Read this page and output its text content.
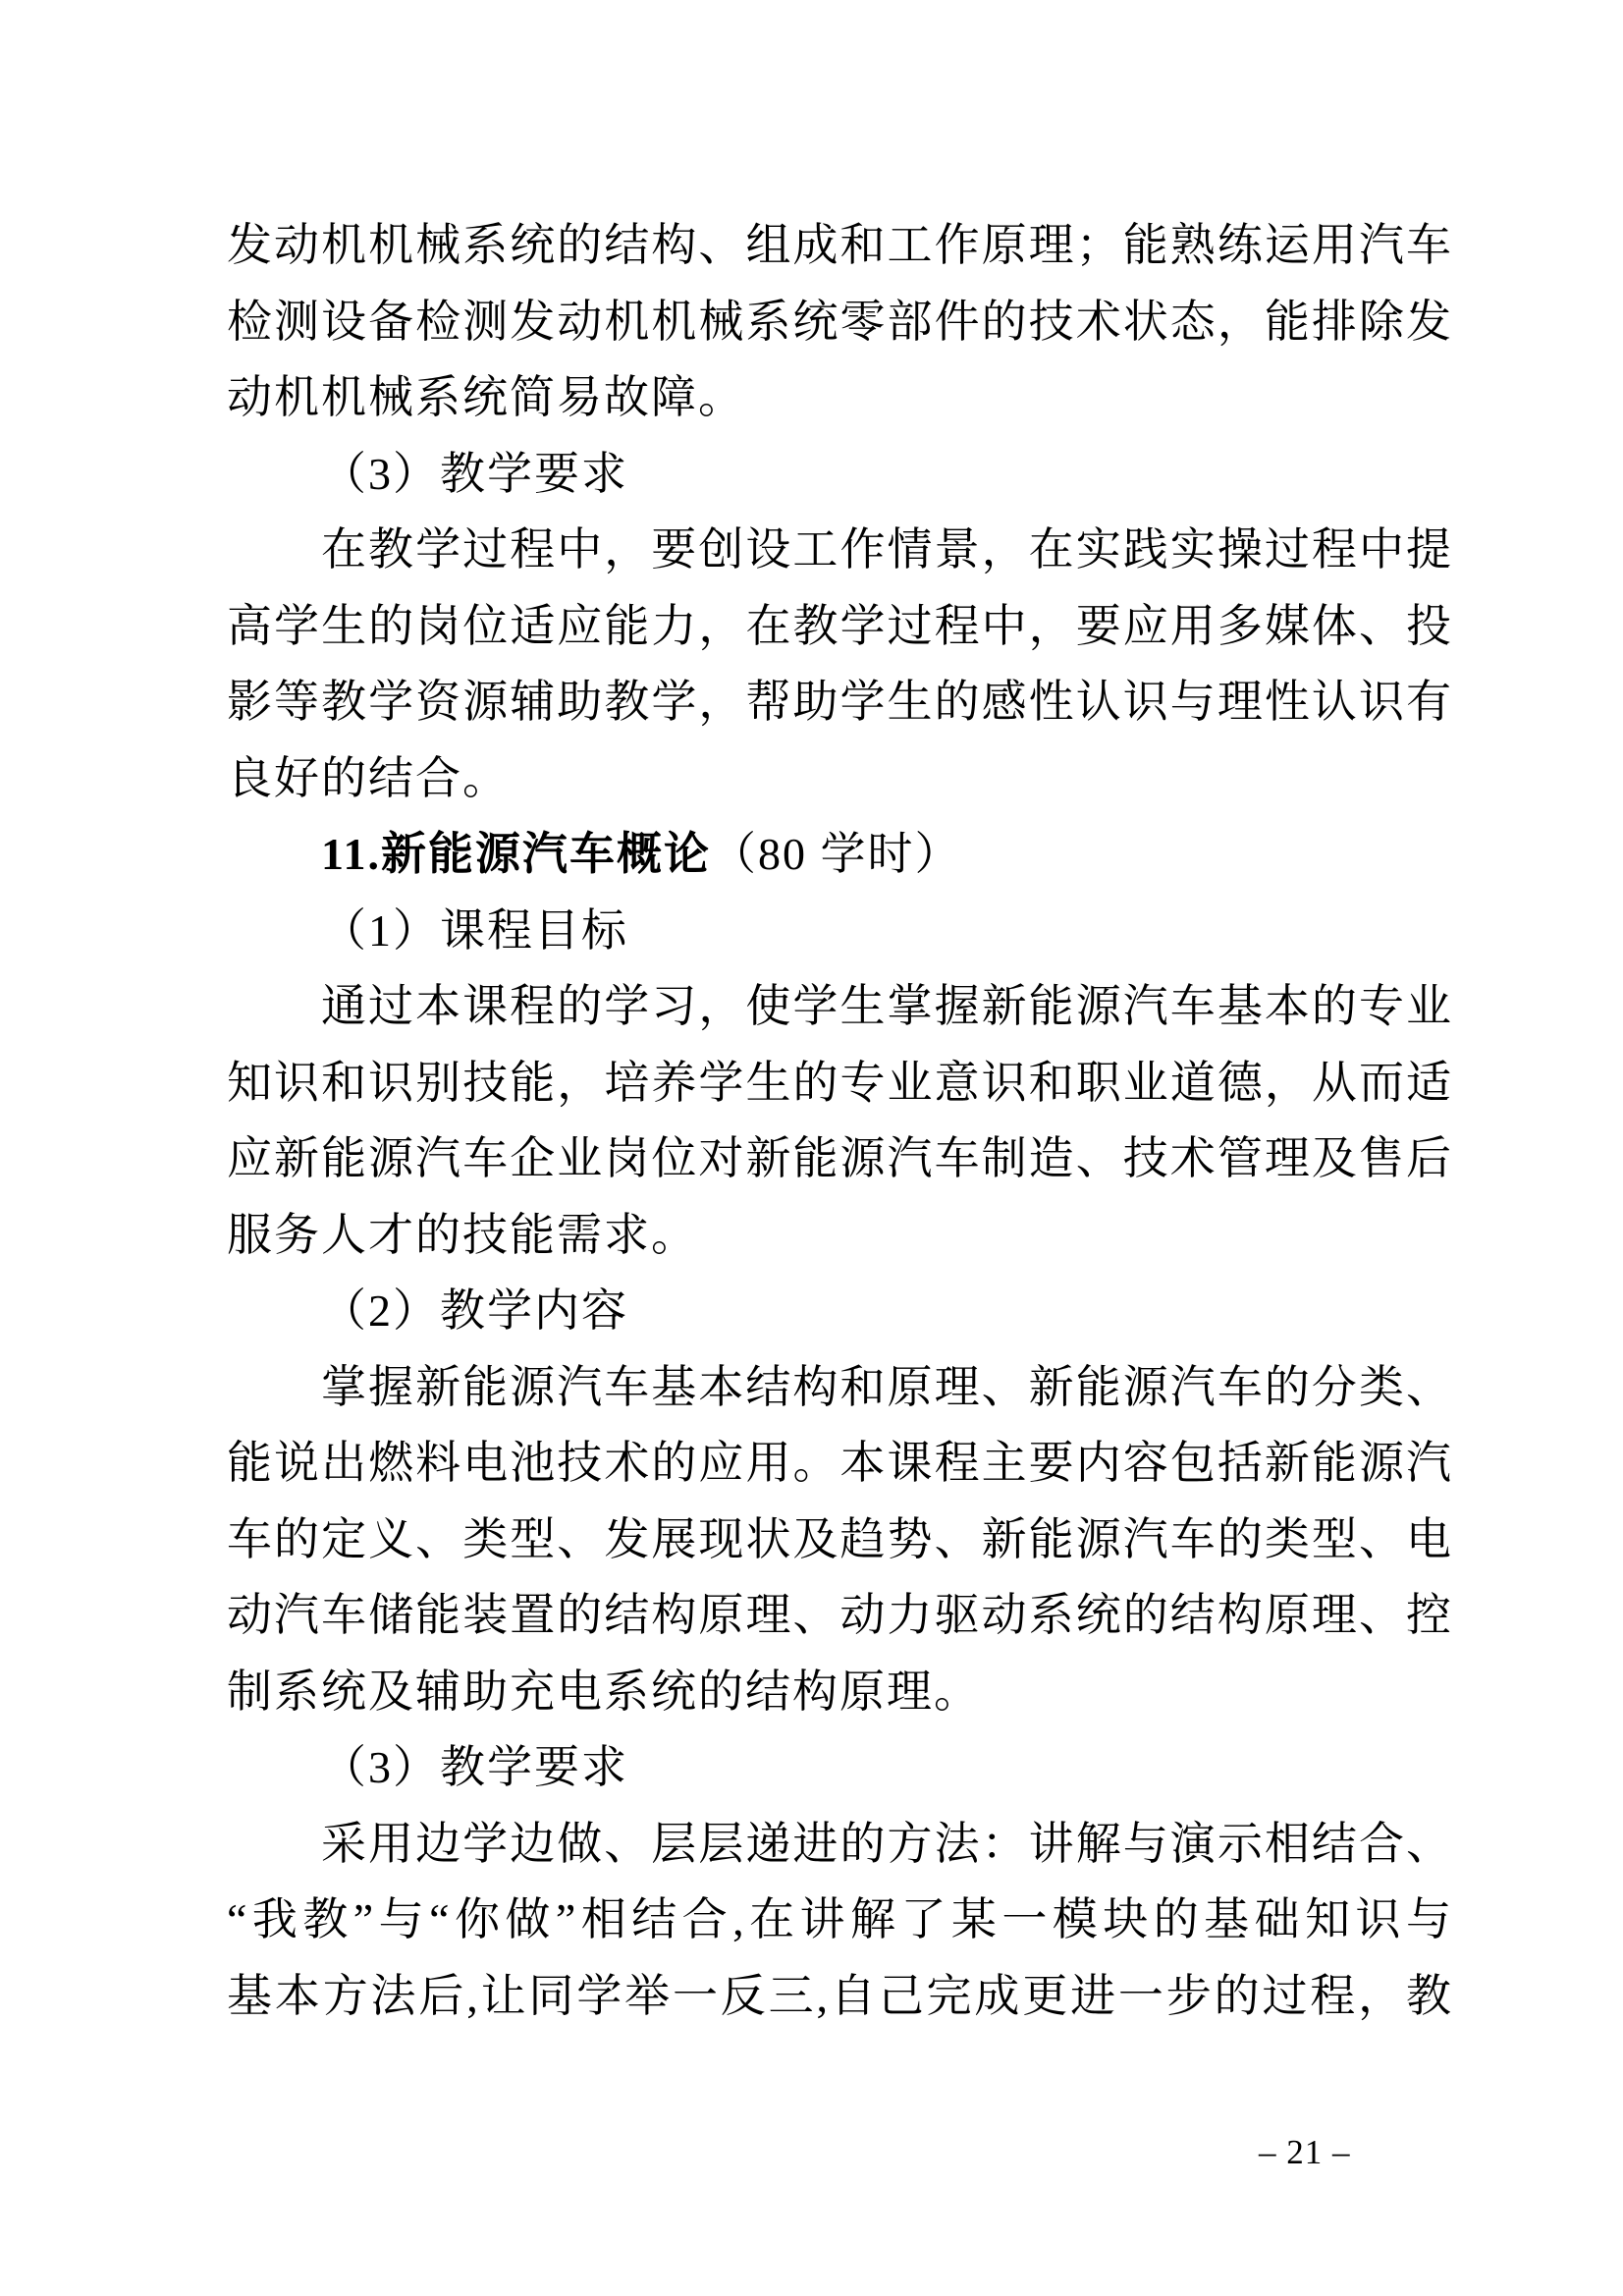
发动机机械系统的结构、组成和工作原理；能熟练运用汽车
检测设备检测发动机机械系统零部件的技术状态，能排除发
动机机械系统简易故障。
（3）教学要求
在教学过程中，要创设工作情景，在实践实操过程中提
高学生的岗位适应能力，在教学过程中，要应用多媒体、投
影等教学资源辅助教学，帮助学生的感性认识与理性认识有
良好的结合。
11.新能源汽车概论（80 学时）
（1）课程目标
通过本课程的学习，使学生掌握新能源汽车基本的专业
知识和识别技能，培养学生的专业意识和职业道德，从而适
应新能源汽车企业岗位对新能源汽车制造、技术管理及售后
服务人才的技能需求。
（2）教学内容
掌握新能源汽车基本结构和原理、新能源汽车的分类、
能说出燃料电池技术的应用。本课程主要内容包括新能源汽
车的定义、类型、发展现状及趋势、新能源汽车的类型、电
动汽车储能装置的结构原理、动力驱动系统的结构原理、控
制系统及辅助充电系统的结构原理。
（3）教学要求
采用边学边做、层层递进的方法：讲解与演示相结合、
“我教”与“你做”相结合,在讲解了某一模块的基础知识与
基本方法后,让同学举一反三,自己完成更进一步的过程，教
– 21 –
